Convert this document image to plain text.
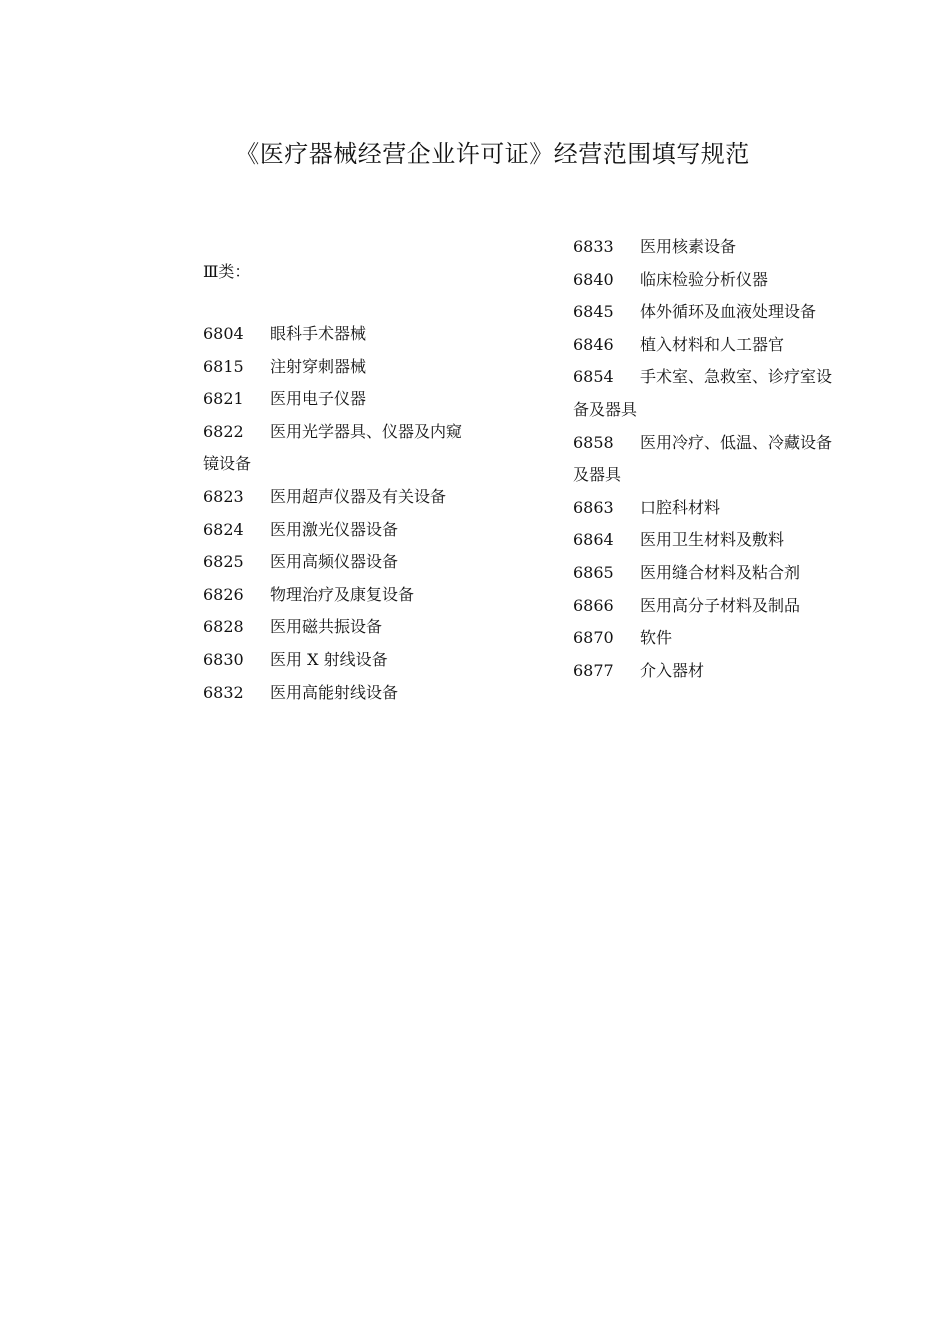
《医疗器械经营企业许可证》经营范围填写规范
Ⅲ类：
6804 眼科手术器械
6815 注射穿刺器械
6821 医用电子仪器
6822 医用光学器具、仪器及内窥
镜设备
6823 医用超声仪器及有关设备
6824 医用激光仪器设备
6825 医用高频仪器设备
6826 物理治疗及康复设备
6828 医用磁共振设备
6830 医用 X 射线设备
6832 医用高能射线设备
6833 医用核素设备
6840 临床检验分析仪器
6845 体外循环及血液处理设备
6846 植入材料和人工器官
6854 手术室、急救室、诊疗室设
备及器具
6858 医用冷疗、低温、冷藏设备
及器具
6863 口腔科材料
6864 医用卫生材料及敷料
6865 医用缝合材料及粘合剂
6866 医用高分子材料及制品
6870 软件
6877 介入器材
